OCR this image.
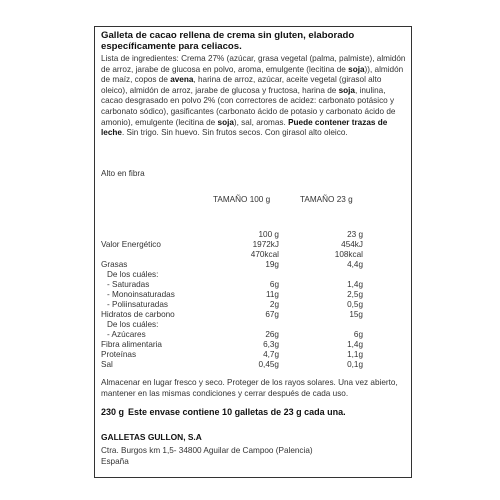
Galleta de cacao rellena de crema sin gluten, elaborado
específicamente para celiacos.
Lista de ingredientes: Crema 27% (azúcar, grasa vegetal (palma, palmiste), almidón de arroz, jarabe de glucosa en polvo, aroma, emulgente (lecitina de soja)), almidón de maíz, copos de avena, harina de arroz, azúcar, aceite vegetal (girasol alto oleico), almidón de arroz, jarabe de glucosa y fructosa, harina de soja, inulina, cacao desgrasado en polvo 2% (con correctores de acidez: carbonato potásico y carbonato sódico), gasificantes (carbonato ácido de potasio y carbonato ácido de amonio), emulgente (lecitina de soja), sal, aromas. Puede contener trazas de leche. Sin trigo. Sin huevo. Sin frutos secos. Con girasol alto oleico.
Alto en fibra
TAMAÑO 100 g	TAMAÑO 23 g
100 g	23 g
Valor Energético	1972kJ	454kJ
470kcal	108kcal
Grasas	19g	4,4g
De los cuáles:
- Saturadas	6g	1,4g
- Monoinsaturadas	11g	2,5g
- Poliinsaturadas	2g	0,5g
Hidratos de carbono	67g	15g
De los cuáles:
- Azúcares	26g	6g
Fibra alimentaria	6,3g	1,4g
Proteínas	4,7g	1,1g
Sal	0,45g	0,1g
Almacenar en lugar fresco y seco. Proteger de los rayos solares. Una vez abierto, mantener en las mismas condiciones y cerrar después de cada uso.
230 g Este envase contiene 10 galletas de 23 g cada una.
GALLETAS GULLON, S.A
Ctra. Burgos km 1,5- 34800 Aguilar de Campoo (Palencia)
España
